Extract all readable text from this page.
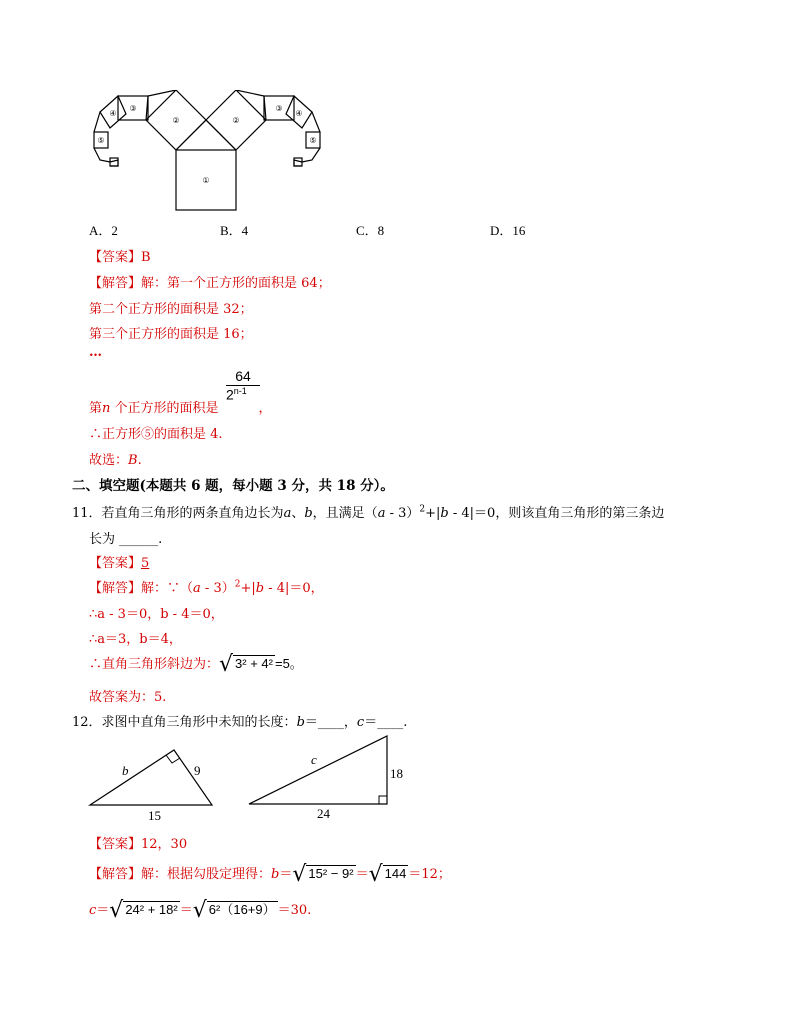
①
②
③
④
⑤
②
③
④
⑤
A．2	B．4	C．8	D．16
【答案】B
【解答】解：第一个正方形的面积是 64；
第二个正方形的面积是 32；
第三个正方形的面积是 16；
…
64
2$^{n-1}$
第n 个正方形的面积是	，
∴正方形⑤的面积是 4.
故选：B.
二、填空题(本题共 6 题，每小题 3 分，共 18 分）。
11．若直角三角形的两条直角边长为a、b，且满足（a - 3）$^2$+|b - 4|＝0，则该直角三角形的第三条边
长为 ______.
【答案】5
【解答】解：∵（a - 3）$^2$+|b - 4|＝0，
∴a - 3＝0，b - 4＝0，
∴a＝3，b＝4，
∴直角三角形斜边为：√ 3² + 4² =5。
故答案为：5.
12．求图中直角三角形中未知的长度：b＝____，c＝____.
b	9
15
c
18
24
【答案】12，30
【解答】解：根据勾股定理得：b＝√ 15² − 9² ＝√ 144 ＝12；
c＝√ 24² + 18² ＝√ 6²（16+9） ＝30.
